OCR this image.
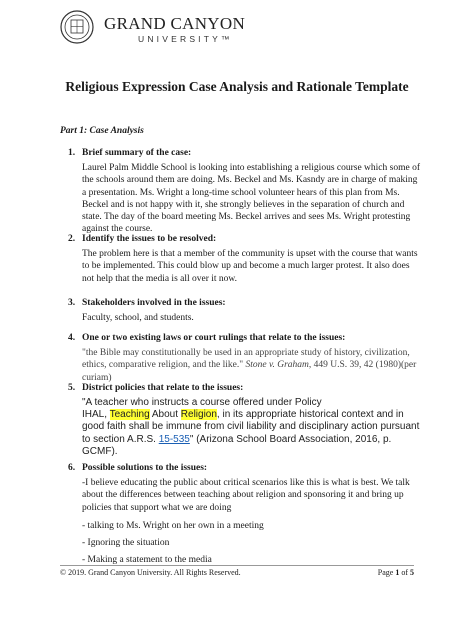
GRAND CANYON
UNIVERSITY™
Religious Expression Case Analysis and Rationale Template
Part 1: Case Analysis
1. Brief summary of the case:
Laurel Palm Middle School is looking into establishing a religious course which some of the schools around them are doing. Ms. Beckel and Ms. Kasndy are in charge of making a presentation. Ms. Wright a long-time school volunteer hears of this plan from Ms. Beckel and is not happy with it, she strongly believes in the separation of church and state. The day of the board meeting Ms. Beckel arrives and sees Ms. Wright protesting against the course.
2. Identify the issues to be resolved:
The problem here is that a member of the community is upset with the course that wants to be implemented. This could blow up and become a much larger protest. It also does not help that the media is all over it now.
3. Stakeholders involved in the issues:
Faculty, school, and students.
4. One or two existing laws or court rulings that relate to the issues:
"the Bible may constitutionally be used in an appropriate study of history, civilization, ethics, comparative religion, and the like." Stone v. Graham, 449 U.S. 39, 42 (1980)(per curiam)
5. District policies that relate to the issues:
"A teacher who instructs a course offered under Policy
IHAL, Teaching About Religion, in its appropriate historical context and in good faith shall be immune from civil liability and disciplinary action pursuant to section A.R.S. 15-535" (Arizona School Board Association, 2016, p. GCMF).
6. Possible solutions to the issues:
-I believe educating the public about critical scenarios like this is what is best. We talk about the differences between teaching about religion and sponsoring it and bring up policies that support what we are doing
- talking to Ms. Wright on her own in a meeting
- Ignoring the situation
- Making a statement to the media
© 2019. Grand Canyon University. All Rights Reserved.	Page 1 of 5
